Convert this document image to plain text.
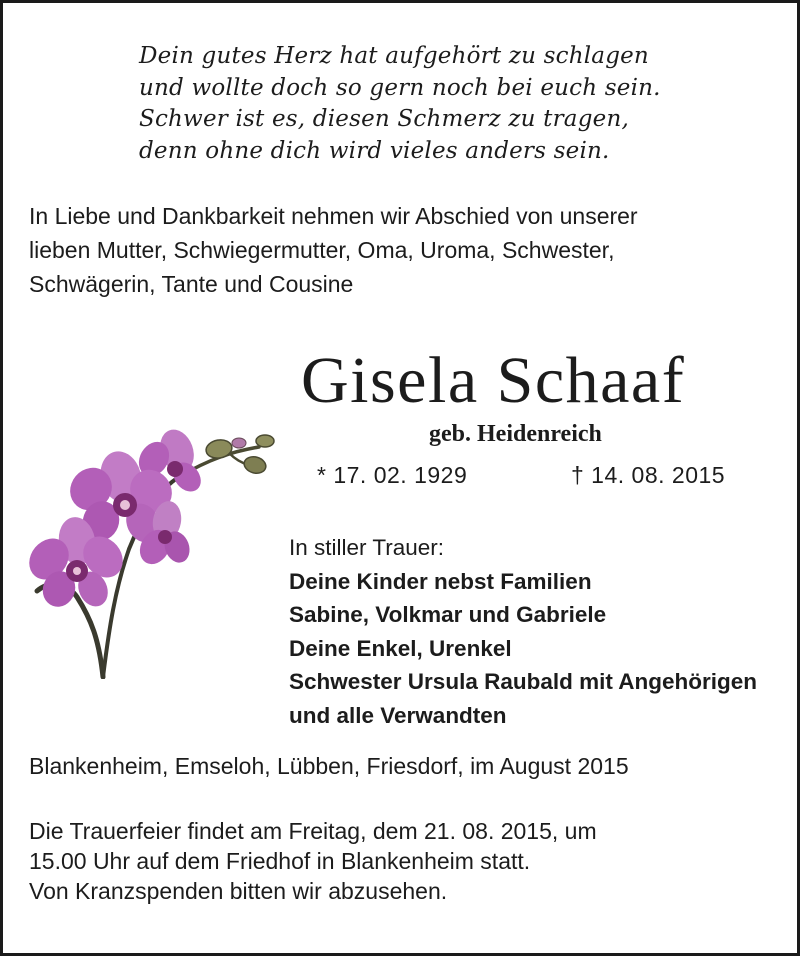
Dein gutes Herz hat aufgehört zu schlagen
und wollte doch so gern noch bei euch sein.
Schwer ist es, diesen Schmerz zu tragen,
denn ohne dich wird vieles anders sein.
In Liebe und Dankbarkeit nehmen wir Abschied von unserer
lieben Mutter, Schwiegermutter, Oma, Uroma, Schwester,
Schwägerin, Tante und Cousine
Gisela Schaaf
geb. Heidenreich
* 17. 02. 1929	† 14. 08. 2015
In stiller Trauer:
Deine Kinder nebst Familien
Sabine, Volkmar und Gabriele
Deine Enkel, Urenkel
Schwester Ursula Raubald mit Angehörigen
und alle Verwandten
Blankenheim, Emseloh, Lübben, Friesdorf, im August 2015
Die Trauerfeier findet am Freitag, dem 21. 08. 2015, um
15.00 Uhr auf dem Friedhof in Blankenheim statt.
Von Kranzspenden bitten wir abzusehen.
